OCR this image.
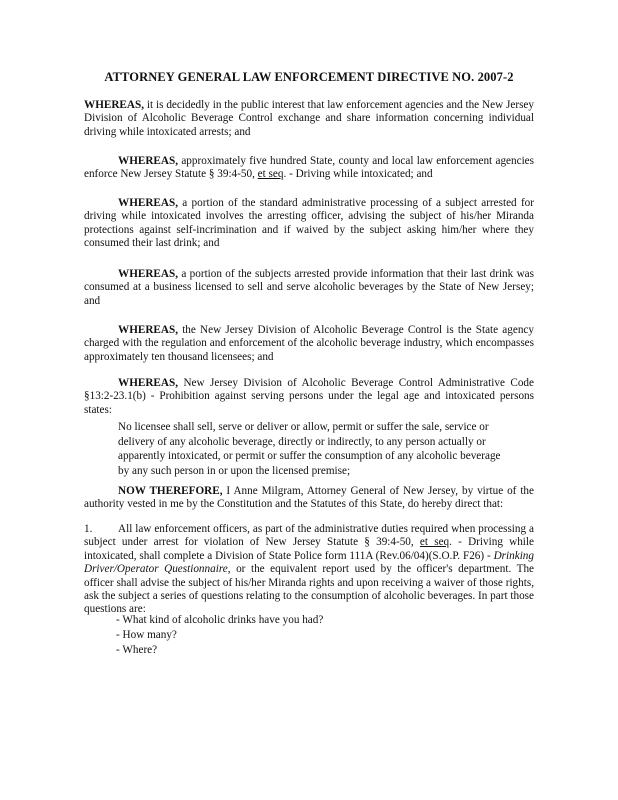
ATTORNEY GENERAL LAW ENFORCEMENT DIRECTIVE NO. 2007-2

WHEREAS, it is decidedly in the public interest that law enforcement agencies and the New Jersey Division of Alcoholic Beverage Control exchange and share information concerning individual driving while intoxicated arrests; and

WHEREAS, approximately five hundred State, county and local law enforcement agencies enforce New Jersey Statute § 39:4-50, et seq. - Driving while intoxicated; and

WHEREAS, a portion of the standard administrative processing of a subject arrested for driving while intoxicated involves the arresting officer, advising the subject of his/her Miranda protections against self-incrimination and if waived by the subject asking him/her where they consumed their last drink; and

WHEREAS, a portion of the subjects arrested provide information that their last drink was consumed at a business licensed to sell and serve alcoholic beverages by the State of New Jersey; and

WHEREAS, the New Jersey Division of Alcoholic Beverage Control is the State agency charged with the regulation and enforcement of the alcoholic beverage industry, which encompasses approximately ten thousand licensees; and

WHEREAS, New Jersey Division of Alcoholic Beverage Control Administrative Code §13:2-23.1(b) - Prohibition against serving persons under the legal age and intoxicated persons states:

No licensee shall sell, serve or deliver or allow, permit or suffer the sale, service or delivery of any alcoholic beverage, directly or indirectly, to any person actually or apparently intoxicated, or permit or suffer the consumption of any alcoholic beverage by any such person in or upon the licensed premise;

NOW THEREFORE, I Anne Milgram, Attorney General of New Jersey, by virtue of the authority vested in me by the Constitution and the Statutes of this State, do hereby direct that:

1. All law enforcement officers, as part of the administrative duties required when processing a subject under arrest for violation of New Jersey Statute § 39:4-50, et seq. - Driving while intoxicated, shall complete a Division of State Police form 111A (Rev.06/04)(S.O.P. F26) - Drinking Driver/Operator Questionnaire, or the equivalent report used by the officer's department. The officer shall advise the subject of his/her Miranda rights and upon receiving a waiver of those rights, ask the subject a series of questions relating to the consumption of alcoholic beverages. In part those questions are:

- What kind of alcoholic drinks have you had?
- How many?
- Where?
